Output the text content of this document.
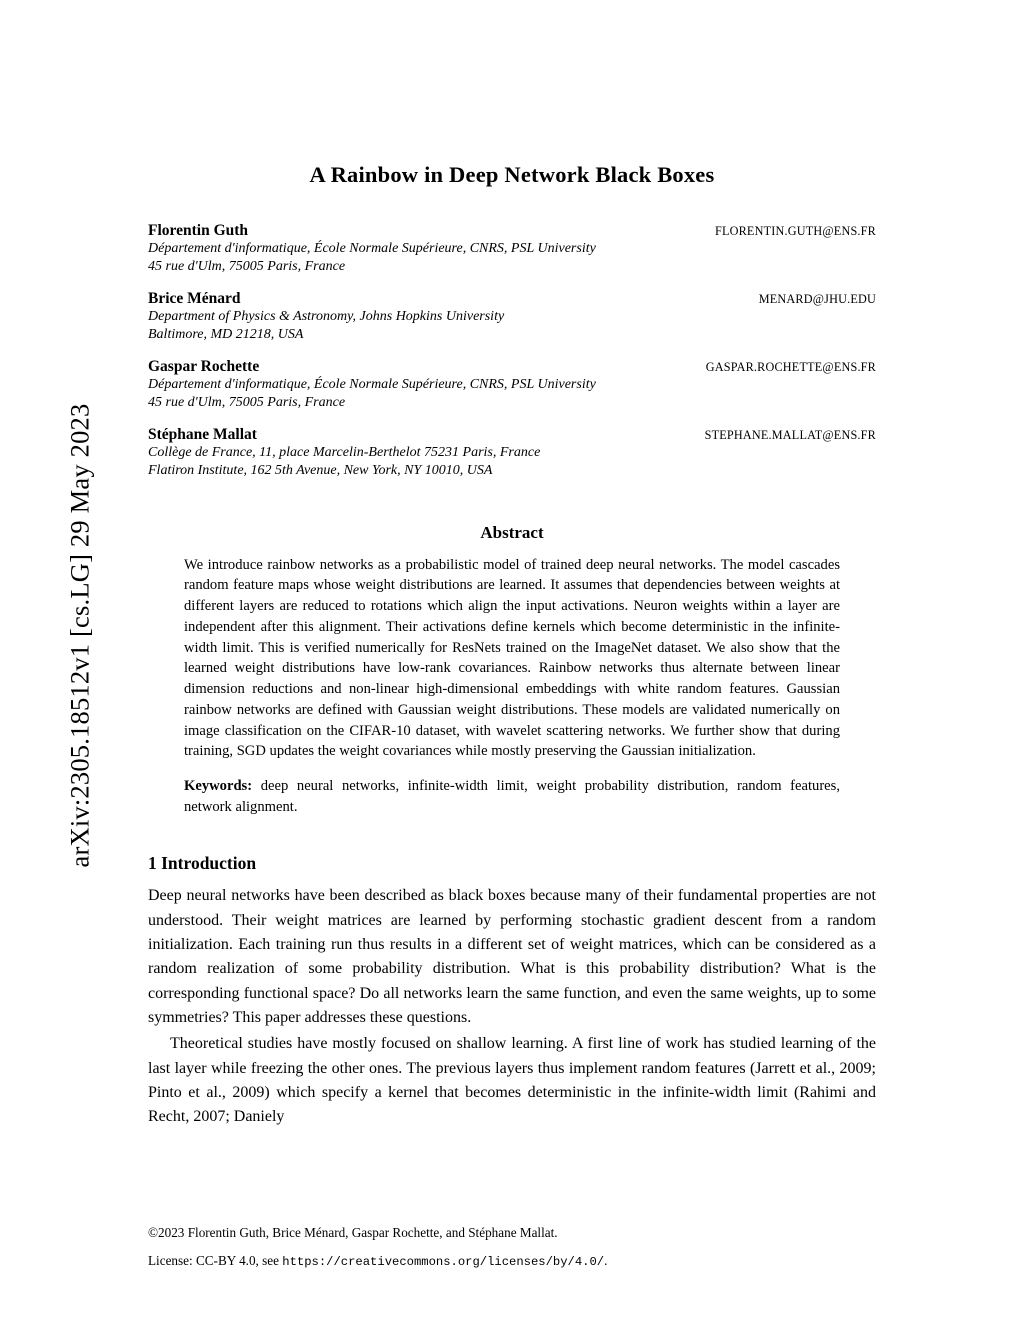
arXiv:2305.18512v1 [cs.LG] 29 May 2023
A Rainbow in Deep Network Black Boxes
Florentin Guth	FLORENTIN.GUTH@ENS.FR
Département d'informatique, École Normale Supérieure, CNRS, PSL University
45 rue d'Ulm, 75005 Paris, France
Brice Ménard	MENARD@JHU.EDU
Department of Physics & Astronomy, Johns Hopkins University
Baltimore, MD 21218, USA
Gaspar Rochette	GASPAR.ROCHETTE@ENS.FR
Département d'informatique, École Normale Supérieure, CNRS, PSL University
45 rue d'Ulm, 75005 Paris, France
Stéphane Mallat	STEPHANE.MALLAT@ENS.FR
Collège de France, 11, place Marcelin-Berthelot 75231 Paris, France
Flatiron Institute, 162 5th Avenue, New York, NY 10010, USA
Abstract
We introduce rainbow networks as a probabilistic model of trained deep neural networks. The model cascades random feature maps whose weight distributions are learned. It assumes that dependencies between weights at different layers are reduced to rotations which align the input activations. Neuron weights within a layer are independent after this alignment. Their activations define kernels which become deterministic in the infinite-width limit. This is verified numerically for ResNets trained on the ImageNet dataset. We also show that the learned weight distributions have low-rank covariances. Rainbow networks thus alternate between linear dimension reductions and non-linear high-dimensional embeddings with white random features. Gaussian rainbow networks are defined with Gaussian weight distributions. These models are validated numerically on image classification on the CIFAR-10 dataset, with wavelet scattering networks. We further show that during training, SGD updates the weight covariances while mostly preserving the Gaussian initialization.
Keywords: deep neural networks, infinite-width limit, weight probability distribution, random features, network alignment.
1 Introduction
Deep neural networks have been described as black boxes because many of their fundamental properties are not understood. Their weight matrices are learned by performing stochastic gradient descent from a random initialization. Each training run thus results in a different set of weight matrices, which can be considered as a random realization of some probability distribution. What is this probability distribution? What is the corresponding functional space? Do all networks learn the same function, and even the same weights, up to some symmetries? This paper addresses these questions.
Theoretical studies have mostly focused on shallow learning. A first line of work has studied learning of the last layer while freezing the other ones. The previous layers thus implement random features (Jarrett et al., 2009; Pinto et al., 2009) which specify a kernel that becomes deterministic in the infinite-width limit (Rahimi and Recht, 2007; Daniely
©2023 Florentin Guth, Brice Ménard, Gaspar Rochette, and Stéphane Mallat.
License: CC-BY 4.0, see https://creativecommons.org/licenses/by/4.0/.
